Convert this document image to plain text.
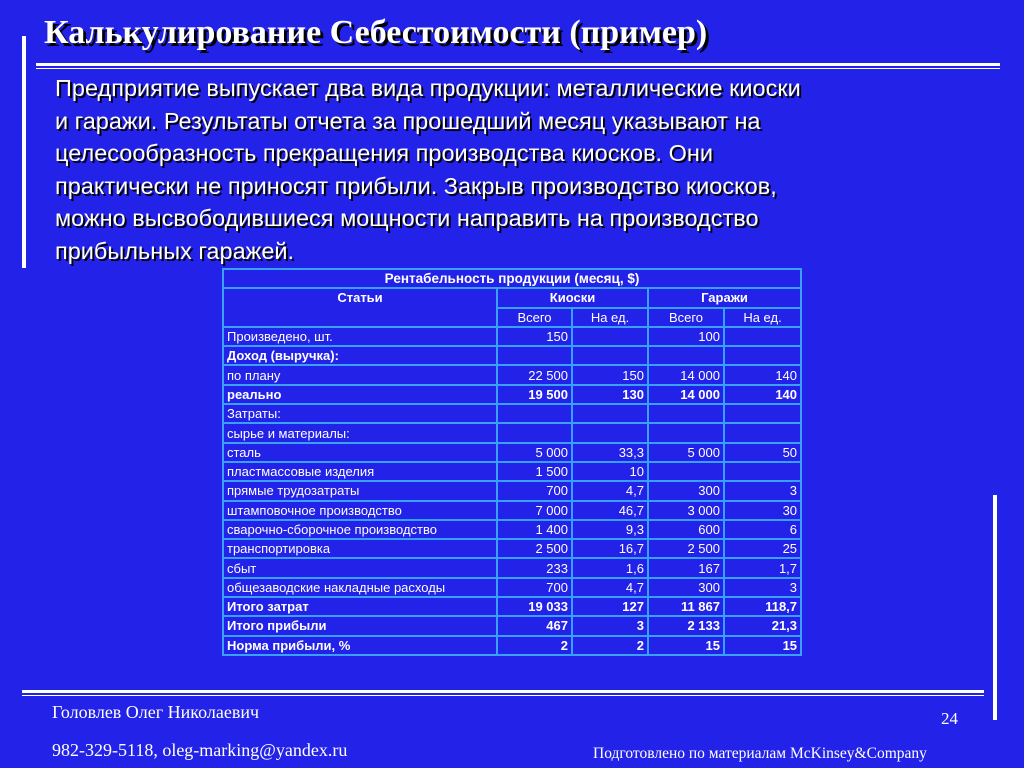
Калькулирование Себестоимости (пример)
Предприятие выпускает два вида продукции: металлические киоски
и гаражи. Результаты отчета за прошедший месяц указывают на
целесообразность прекращения производства киосков. Они
практически не приносят прибыли. Закрыв производство киосков,
можно высвободившиеся мощности направить на производство
прибыльных гаражей.
Рентабельность продукции (месяц, $)				
Статьи	Киоски		Гаражи	
	Всего	На ед.	Всего	На ед.
Произведено, шт.	150		100	
Доход (выручка):				
по плану	22 500	150	14 000	140
реально	19 500	130	14 000	140
Затраты:				
сырье и материалы:				
сталь	5 000	33,3	5 000	50
пластмассовые изделия	1 500	10		
прямые трудозатраты	700	4,7	300	3
штамповочное производство	7 000	46,7	3 000	30
сварочно-сборочное производство	1 400	9,3	600	6
транспортировка	2 500	16,7	2 500	25
сбыт	233	1,6	167	1,7
общезаводские накладные расходы	700	4,7	300	3
Итого затрат	19 033	127	11 867	118,7
Итого прибыли	467	3	2 133	21,3
Норма прибыли, %	2	2	15	15
Головлев Олег Николаевич
982-329-5118, oleg-marking@yandex.ru	Подготовлено по материалам McKinsey&Company
24
